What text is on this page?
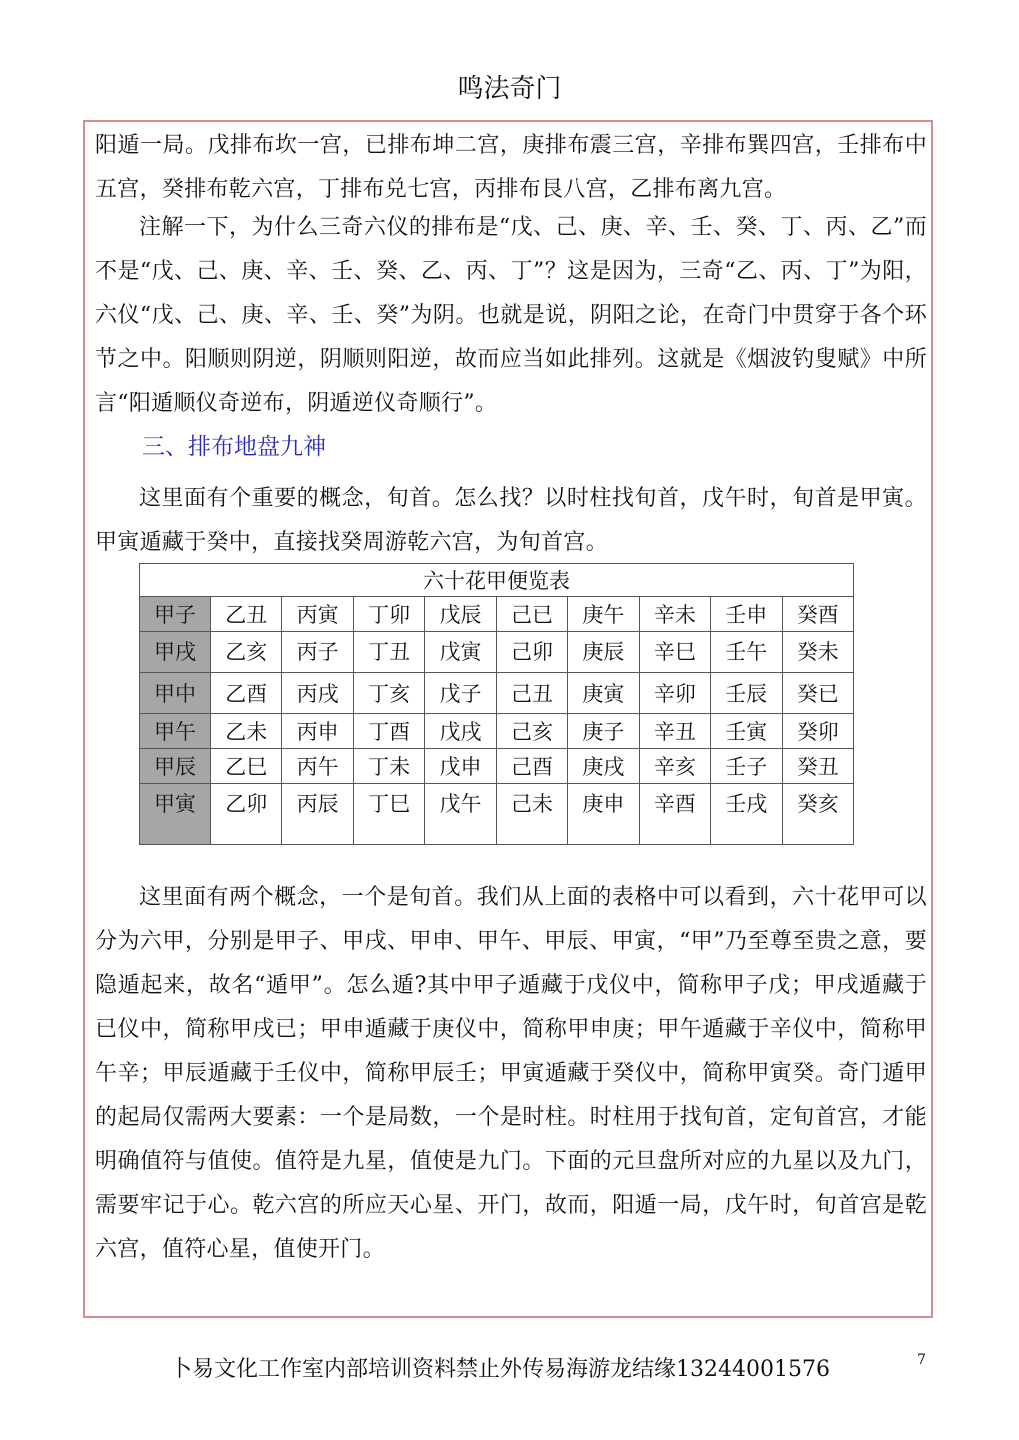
鸣法奇门

阳遁一局。戊排布坎一宫，已排布坤二宫，庚排布震三宫，辛排布巽四宫，壬排布中五宫，癸排布乾六宫，丁排布兑七宫，丙排布艮八宫，乙排布离九宫。

注解一下，为什么三奇六仪的排布是“戊、己、庚、辛、壬、癸、丁、丙、乙”而不是“戊、己、庚、辛、壬、癸、乙、丙、丁”？这是因为，三奇“乙、丙、丁”为阳，六仪“戊、己、庚、辛、壬、癸”为阴。也就是说，阴阳之论，在奇门中贯穿于各个环节之中。阳顺则阴逆，阴顺则阳逆，故而应当如此排列。这就是《烟波钓叟赋》中所言“阳遁顺仪奇逆布，阴遁逆仪奇顺行”。

三、排布地盘九神

这里面有个重要的概念，旬首。怎么找？以时柱找旬首，戊午时，旬首是甲寅。甲寅遁藏于癸中，直接找癸周游乾六宫，为旬首宫。

六十花甲便览表									
甲子	乙丑	丙寅	丁卯	戊辰	己已	庚午	辛未	壬申	癸酉
甲戌	乙亥	丙子	丁丑	戊寅	己卯	庚辰	辛巳	壬午	癸未
甲中	乙酉	丙戌	丁亥	戊子	己丑	庚寅	辛卯	壬辰	癸已
甲午	乙未	丙申	丁酉	戊戌	己亥	庚子	辛丑	壬寅	癸卯
甲辰	乙巳	丙午	丁未	戊申	己酉	庚戌	辛亥	壬子	癸丑
甲寅	乙卯	丙辰	丁巳	戊午	己未	庚申	辛酉	壬戌	癸亥

这里面有两个概念，一个是旬首。我们从上面的表格中可以看到，六十花甲可以分为六甲，分别是甲子、甲戌、甲申、甲午、甲辰、甲寅，“甲”乃至尊至贵之意，要隐遁起来，故名“遁甲”。怎么遁?其中甲子遁藏于戊仪中，简称甲子戊；甲戌遁藏于已仪中，简称甲戌已；甲申遁藏于庚仪中，简称甲申庚；甲午遁藏于辛仪中，简称甲午辛；甲辰遁藏于壬仪中，简称甲辰壬；甲寅遁藏于癸仪中，简称甲寅癸。奇门遁甲的起局仅需两大要素：一个是局数，一个是时柱。时柱用于找旬首，定旬首宫，才能明确值符与值使。值符是九星，值使是九门。下面的元旦盘所对应的九星以及九门，需要牢记于心。乾六宫的所应天心星、开门，故而，阳遁一局，戊午时，旬首宫是乾六宫，值符心星，值使开门。

卜易文化工作室内部培训资料禁止外传易海游龙结缘13244001576	7
